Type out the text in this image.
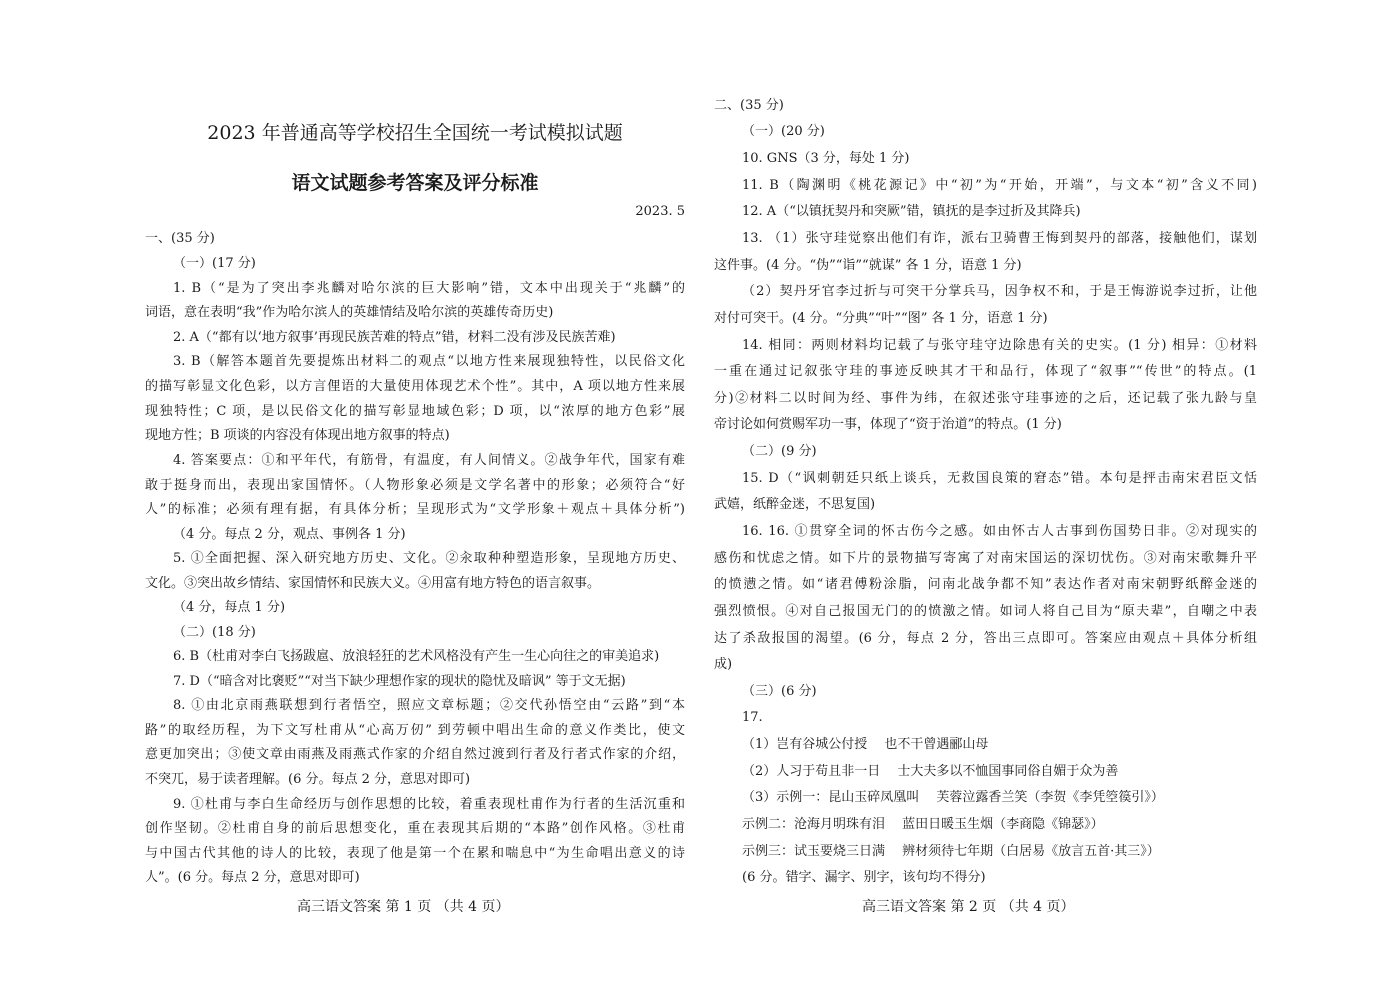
2023 年普通高等学校招生全国统一考试模拟试题
语文试题参考答案及评分标准
2023. 5
一、(35 分)
（一）(17 分)
1. B（“是为了突出李兆麟对哈尔滨的巨大影响”错，文本中出现关于“兆麟”的
词语，意在表明“我”作为哈尔滨人的英雄情结及哈尔滨的英雄传奇历史)
2. A（“都有以‘地方叙事’再现民族苦难的特点”错，材料二没有涉及民族苦难)
3. B（解答本题首先要提炼出材料二的观点“以地方性来展现独特性，以民俗文化
的描写彰显文化色彩，以方言俚语的大量使用体现艺术个性”。其中，A 项以地方性来展
现独特性；C 项，是以民俗文化的描写彰显地域色彩；D 项，以“浓厚的地方色彩”展
现地方性；B 项谈的内容没有体现出地方叙事的特点)
4. 答案要点：①和平年代，有筋骨，有温度，有人间情义。②战争年代，国家有难
敢于挺身而出，表现出家国情怀。（人物形象必须是文学名著中的形象；必须符合“好
人”的标准；必须有理有据，有具体分析；呈现形式为“文学形象＋观点＋具体分析”)
（4 分。每点 2 分，观点、事例各 1 分)
5. ①全面把握、深入研究地方历史、文化。②汆取种种塑造形象，呈现地方历史、
文化。③突出故乡情结、家国情怀和民族大义。④用富有地方特色的语言叙事。
（4 分，每点 1 分)
（二）(18 分)
6. B（杜甫对李白飞扬跋扈、放浪轻狂的艺术风格没有产生一生心向往之的审美追求)
7. D（“暗含对比褒贬”“对当下缺少理想作家的现状的隐忧及暗讽” 等于文无据)
8. ①由北京雨燕联想到行者悟空，照应文章标题；②交代孙悟空由“云路”到“本
路”的取经历程，为下文写杜甫从“心高万仞” 到劳顿中唱出生命的意义作类比，使文
意更加突出；③使文章由雨燕及雨燕式作家的介绍自然过渡到行者及行者式作家的介绍，
不突兀，易于读者理解。(6 分。每点 2 分，意思对即可)
9. ①杜甫与李白生命经历与创作思想的比较，着重表现杜甫作为行者的生活沉重和
创作坚韧。②杜甫自身的前后思想变化，重在表现其后期的“本路”创作风格。③杜甫
与中国古代其他的诗人的比较，表现了他是第一个在累和喘息中“为生命唱出意义的诗
人”。(6 分。每点 2 分，意思对即可)
二、(35 分)
（一）(20 分)
10. GNS（3 分，每处 1 分)
11. B（陶渊明《桃花源记》中“初”为“开始，开端”，与文本“初”含义不同)
12. A（“以镇抚契丹和突厥”错，镇抚的是李过折及其降兵)
13. （1）张守珪觉察出他们有诈，派右卫骑曹王悔到契丹的部落，接触他们，谋划
这件事。(4 分。“伪”“诣”“就谋” 各 1 分，语意 1 分)
（2）契丹牙官李过折与可突干分掌兵马，因争权不和，于是王悔游说李过折，让他
对付可突干。(4 分。“分典”“叶”“图” 各 1 分，语意 1 分)
14. 相同：两则材料均记载了与张守珪守边除患有关的史实。(1 分) 相异：①材料
一重在通过记叙张守珪的事迹反映其才干和品行，体现了“叙事”“传世”的特点。(1
分)②材料二以时间为经、事件为纬，在叙述张守珪事迹的之后，还记载了张九龄与皇
帝讨论如何赏赐军功一事，体现了“资于治道”的特点。(1 分)
（二）(9 分)
15. D（“讽刺朝廷只纸上谈兵，无救国良策的窘态”错。本句是抨击南宋君臣文恬
武嬉，纸醉金迷，不思复国)
16. 16. ①贯穿全词的怀古伤今之感。如由怀古人古事到伤国势日非。②对现实的
感伤和忧虑之情。如下片的景物描写寄寓了对南宋国运的深切忧伤。③对南宋歌舞升平
的愤懑之情。如“诸君傅粉涂脂，问南北战争都不知”表达作者对南宋朝野纸醉金迷的
强烈愤恨。④对自己报国无门的的愤激之情。如词人将自己目为“原夫辈”，自嘲之中表
达了杀敌报国的渴望。(6 分，每点 2 分，答出三点即可。答案应由观点＋具体分析组
成)
（三）(6 分)
17.
（1）岂有谷城公付授　 也不干曾遇郦山母
（2）人习于苟且非一日　 士大夫多以不恤国事同俗自媚于众为善
（3）示例一：昆山玉碎凤凰叫　 芙蓉泣露香兰笑（李贺《李凭箜篌引》）
示例二：沧海月明珠有泪　 蓝田日暖玉生烟（李商隐《锦瑟》）
示例三：试玉要烧三日满　 辨材须待七年期（白居易《放言五首·其三》）
(6 分。错字、漏字、别字，该句均不得分)
高三语文答案 第 1 页 （共 4 页）	高三语文答案 第 2 页 （共 4 页）
